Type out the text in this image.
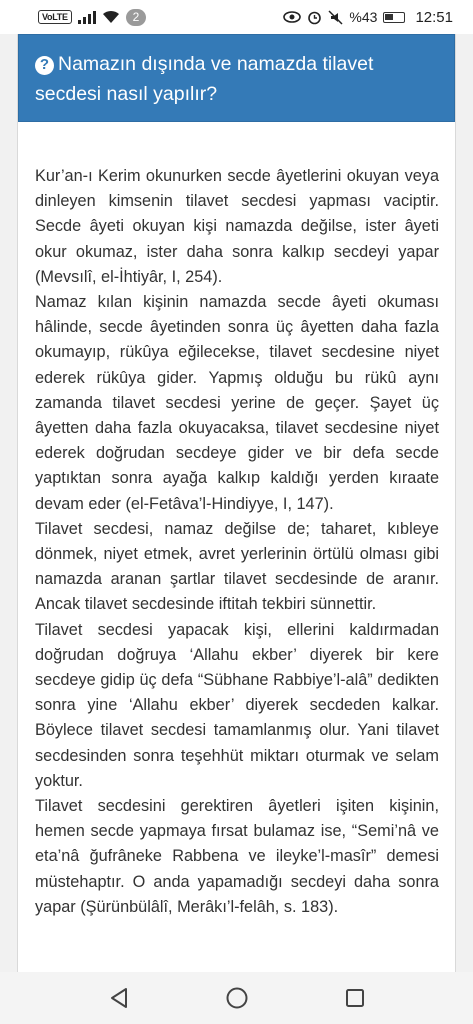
VoLTE	2	%43	12:51
? Namazın dışında ve namazda tilavet secdesi nasıl yapılır?

Kur’an-ı Kerim okunurken secde âyetlerini okuyan veya dinleyen kimsenin tilavet secdesi yapması vaciptir. Secde âyeti okuyan kişi namazda değilse, ister âyeti okur okumaz, ister daha sonra kalkıp secdeyi yapar (Mevsılî, el-İhtiyâr, I, 254).

Namaz kılan kişinin namazda secde âyeti okuması hâlinde, secde âyetinden sonra üç âyetten daha fazla okumayıp, rükûya eğilecekse, tilavet secdesine niyet ederek rükûya gider. Yapmış olduğu bu rükû aynı zamanda tilavet secdesi yerine de geçer. Şayet üç âyetten daha fazla okuyacaksa, tilavet secdesine niyet ederek doğrudan secdeye gider ve bir defa secde yaptıktan sonra ayağa kalkıp kaldığı yerden kıraate devam eder (el-Fetâva’l-Hindiyye, I, 147).

Tilavet secdesi, namaz değilse de; taharet, kıbleye dönmek, niyet etmek, avret yerlerinin örtülü olması gibi namazda aranan şartlar tilavet secdesinde de aranır. Ancak tilavet secdesinde iftitah tekbiri sünnettir.

Tilavet secdesi yapacak kişi, ellerini kaldırmadan doğrudan doğruya ‘Allahu ekber’ diyerek bir kere secdeye gidip üç defa “Sübhane Rabbiye’l-alâ” dedikten sonra yine ‘Allahu ekber’ diyerek secdeden kalkar. Böylece tilavet secdesi tamamlanmış olur. Yani tilavet secdesinden sonra teşehhüt miktarı oturmak ve selam yoktur.

Tilavet secdesini gerektiren âyetleri işiten kişinin, hemen secde yapmaya fırsat bulamaz ise, “Semi’nâ ve eta’nâ ğufrâneke Rabbena ve ileyke’l-masîr” demesi müstehaptır. O anda yapamadığı secdeyi daha sonra yapar (Şürünbülâlî, Merâkı’l-felâh, s. 183).
